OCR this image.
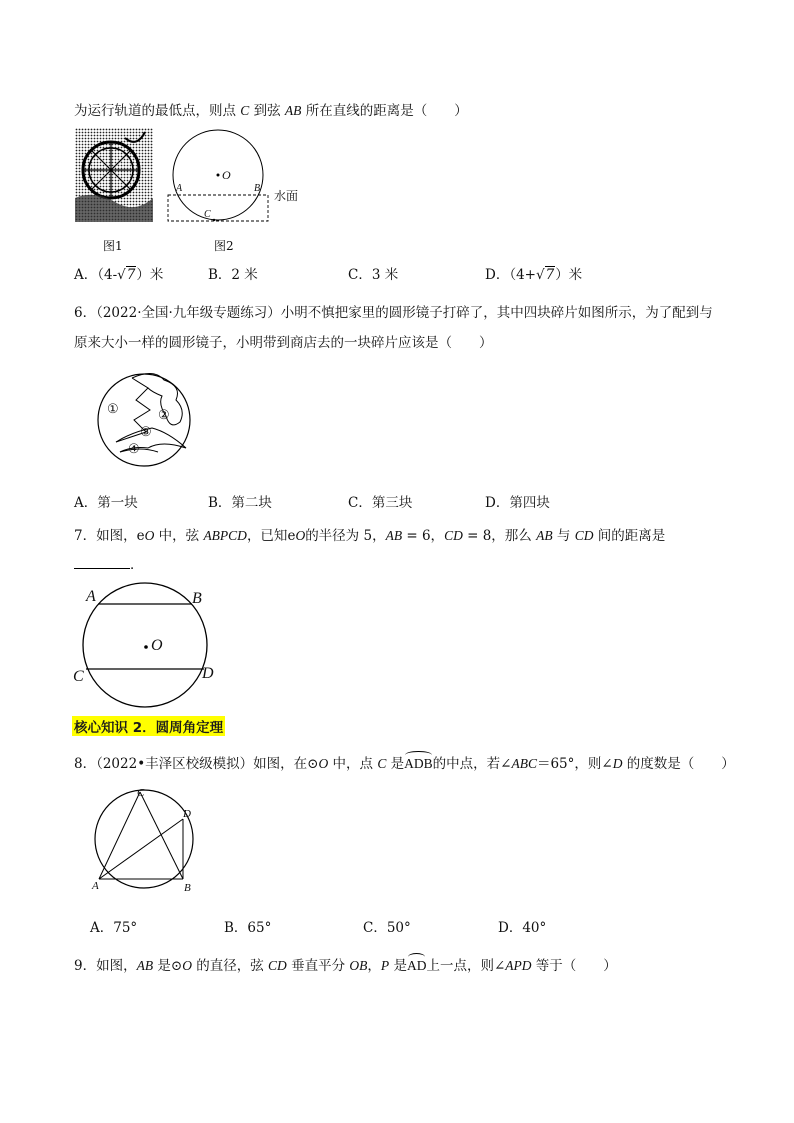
为运行轨道的最低点，则点 C 到弦 AB 所在直线的距离是（　　）
图1
O
A	B
C
水面
图2
A．（4-√7）米	B．2 米	C．3 米	D．（4+√7）米
6．（2022·全国·九年级专题练习）小明不慎把家里的圆形镜子打碎了，其中四块碎片如图所示，为了配到与
原来大小一样的圆形镜子，小明带到商店去的一块碎片应该是（　　）
①	②
③
④
A．第一块	B．第二块	C．第三块	D．第四块
7．如图，eO 中，弦 ABPCD，已知eO的半径为 5，AB = 6，CD = 8，那么 AB 与 CD 间的距离是
．
A	B
C	D
O
核心知识 2．圆周角定理
8．（2022•丰泽区校级模拟）如图，在⊙O 中，点 C 是ADB的中点，若∠ABC＝65°，则∠D 的度数是（　　）
C
D
A	B
A．75°	B．65°	C．50°	D．40°
9．如图，AB 是⊙O 的直径，弦 CD 垂直平分 OB，P 是AD上一点，则∠APD 等于（　　）
